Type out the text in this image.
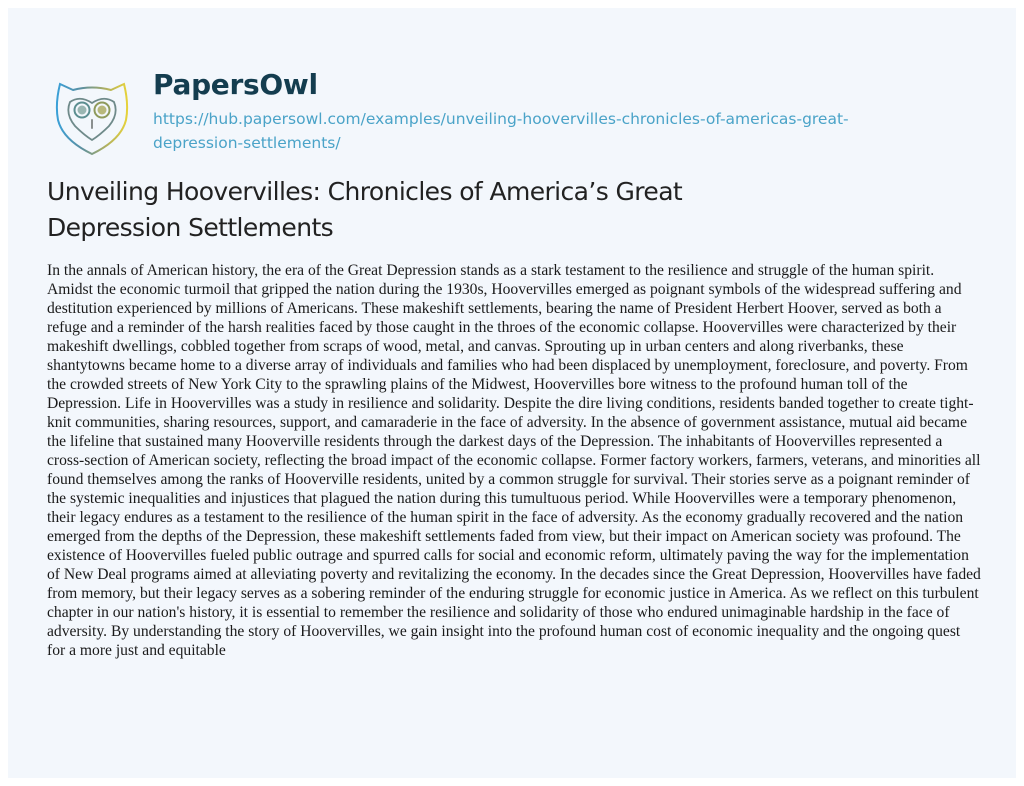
PapersOwl
https://hub.papersowl.com/examples/unveiling-hoovervilles-chronicles-of-americas-great-depression-settlements/
Unveiling Hoovervilles: Chronicles of America’s Great Depression Settlements

In the annals of American history, the era of the Great Depression stands as a stark testament to the resilience and struggle of the human spirit. Amidst the economic turmoil that gripped the nation during the 1930s, Hoovervilles emerged as poignant symbols of the widespread suffering and destitution experienced by millions of Americans. These makeshift settlements, bearing the name of President Herbert Hoover, served as both a refuge and a reminder of the harsh realities faced by those caught in the throes of the economic collapse. Hoovervilles were characterized by their makeshift dwellings, cobbled together from scraps of wood, metal, and canvas. Sprouting up in urban centers and along riverbanks, these shantytowns became home to a diverse array of individuals and families who had been displaced by unemployment, foreclosure, and poverty. From the crowded streets of New York City to the sprawling plains of the Midwest, Hoovervilles bore witness to the profound human toll of the Depression. Life in Hoovervilles was a study in resilience and solidarity. Despite the dire living conditions, residents banded together to create tight-knit communities, sharing resources, support, and camaraderie in the face of adversity. In the absence of government assistance, mutual aid became the lifeline that sustained many Hooverville residents through the darkest days of the Depression. The inhabitants of Hoovervilles represented a cross-section of American society, reflecting the broad impact of the economic collapse. Former factory workers, farmers, veterans, and minorities all found themselves among the ranks of Hooverville residents, united by a common struggle for survival. Their stories serve as a poignant reminder of the systemic inequalities and injustices that plagued the nation during this tumultuous period. While Hoovervilles were a temporary phenomenon, their legacy endures as a testament to the resilience of the human spirit in the face of adversity. As the economy gradually recovered and the nation emerged from the depths of the Depression, these makeshift settlements faded from view, but their impact on American society was profound. The existence of Hoovervilles fueled public outrage and spurred calls for social and economic reform, ultimately paving the way for the implementation of New Deal programs aimed at alleviating poverty and revitalizing the economy. In the decades since the Great Depression, Hoovervilles have faded from memory, but their legacy serves as a sobering reminder of the enduring struggle for economic justice in America. As we reflect on this turbulent chapter in our nation's history, it is essential to remember the resilience and solidarity of those who endured unimaginable hardship in the face of adversity. By understanding the story of Hoovervilles, we gain insight into the profound human cost of economic inequality and the ongoing quest for a more just and equitable
